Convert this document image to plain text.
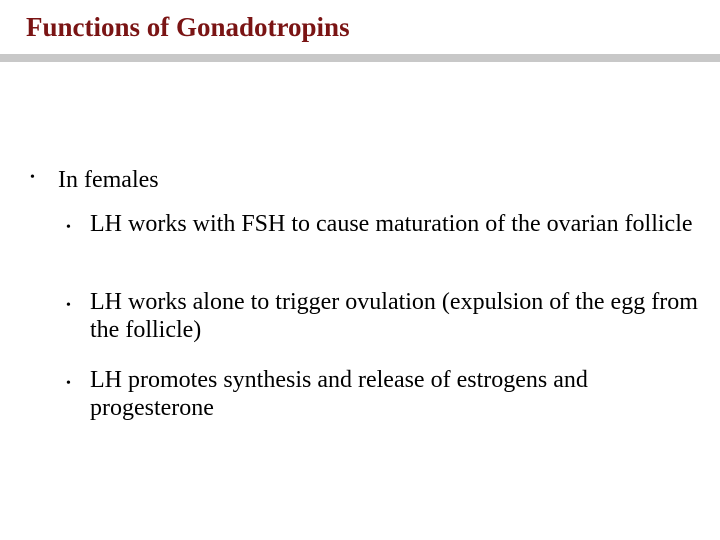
Functions of Gonadotropins
• In females
• LH works with FSH to cause maturation of the ovarian follicle
• LH works alone to trigger ovulation (expulsion of the egg from the follicle)
• LH promotes synthesis and release of estrogens and progesterone
